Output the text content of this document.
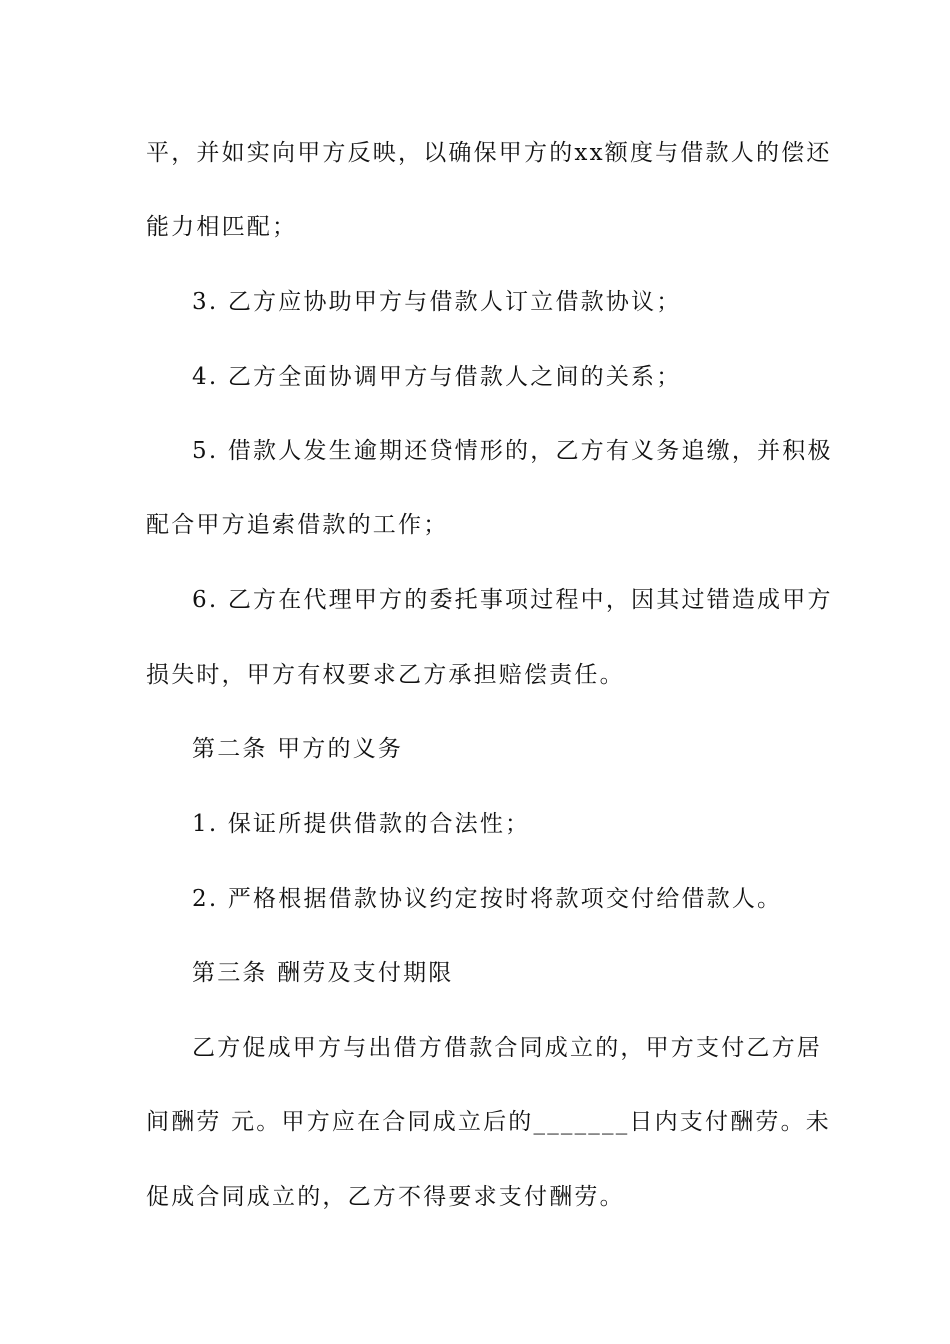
平，并如实向甲方反映，以确保甲方的xx额度与借款人的偿还
能力相匹配；
3. 乙方应协助甲方与借款人订立借款协议；
4. 乙方全面协调甲方与借款人之间的关系；
5. 借款人发生逾期还贷情形的，乙方有义务追缴，并积极
配合甲方追索借款的工作；
6. 乙方在代理甲方的委托事项过程中，因其过错造成甲方
损失时，甲方有权要求乙方承担赔偿责任。
第二条 甲方的义务
1. 保证所提供借款的合法性；
2. 严格根据借款协议约定按时将款项交付给借款人。
第三条 酬劳及支付期限
乙方促成甲方与出借方借款合同成立的，甲方支付乙方居
间酬劳 元。甲方应在合同成立后的_______日内支付酬劳。未
促成合同成立的，乙方不得要求支付酬劳。
